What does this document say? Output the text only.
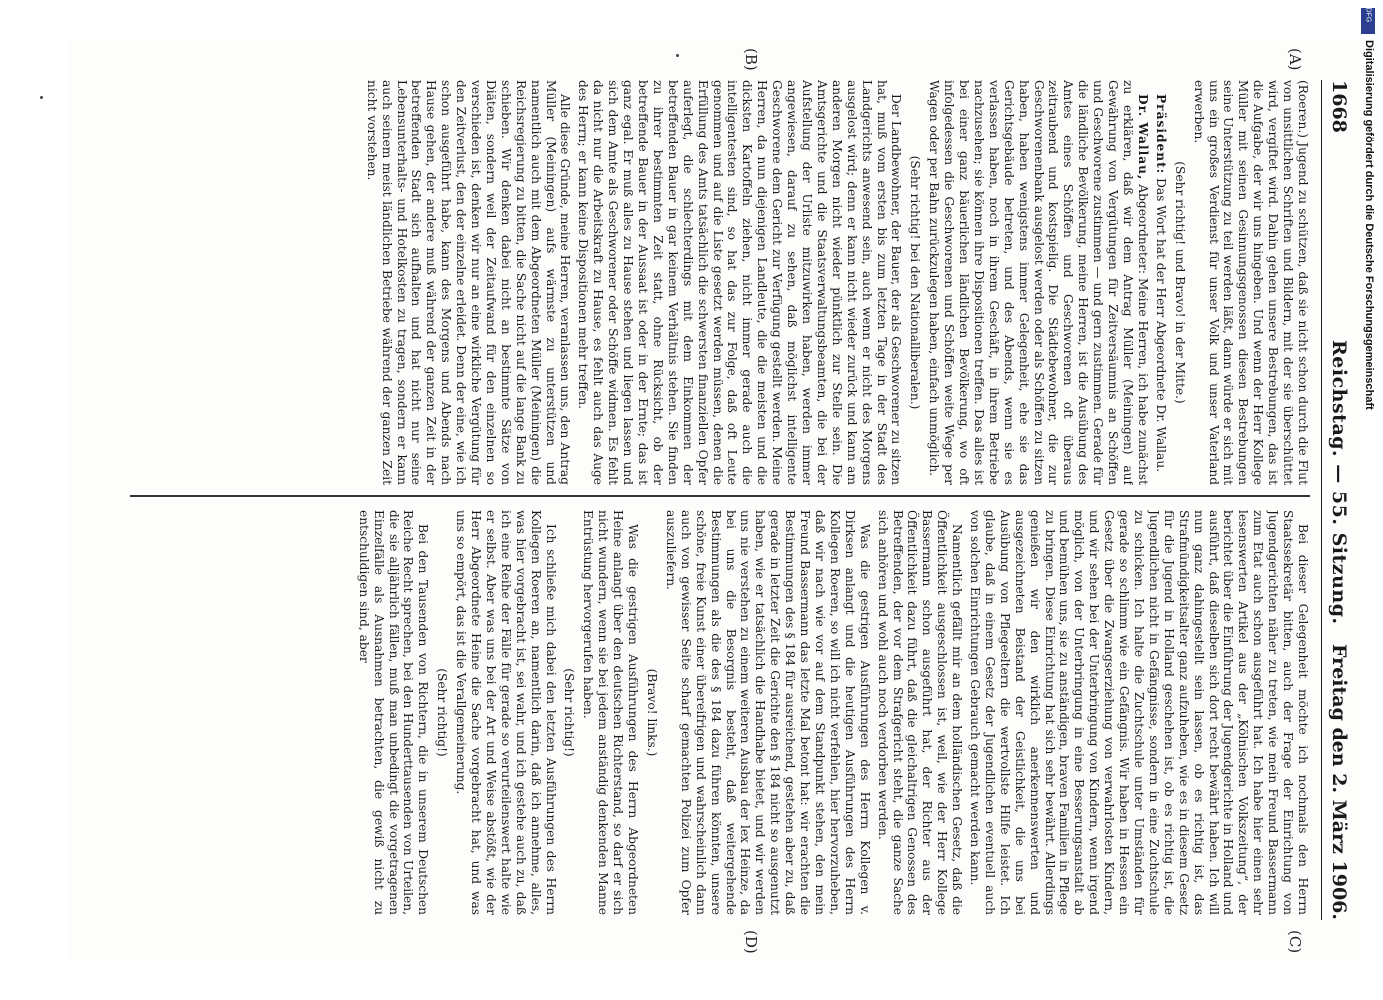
1668
Reichstag. — 55. Sitzung.
Freitag den 2. März 1906.
(A)
(B)
(C)
(D)

(Roeren.) Jugend zu schützen, daß sie nicht schon durch die Flut von unsittlichen Schriften und Bildern, mit der sie überschüttet wird, vergiftet wird. Dahin gehen unsere Bestrebungen, das ist die Aufgabe, der wir uns hingeben. Und wenn der Herr Kollege Müller mit seinen Gesinnungsgenossen diesen Bestrebungen seine Unterstützung zu teil werden läßt, dann würde er sich mit uns ein großes Verdienst für unser Volk und unser Vaterland erwerben.

(Sehr richtig! und Bravo! in der Mitte.)

Präsident: Das Wort hat der Herr Abgeordnete Dr. Wallau.

Dr. Wallau, Abgeordneter: Meine Herren, ich habe zunächst zu erklären, daß wir dem Antrag Müller (Meiningen) auf Gewährung von Vergütungen für Zeitversäumnis an Schöffen und Geschworene zustimmen — und gern zustimmen. Gerade für die ländliche Bevölkerung, meine Herren, ist die Ausübung des Amtes eines Schöffen und Geschworenen oft überaus zeitraubend und kostspielig. Die Städtebewohner, die zur Geschworenenbank ausgelost werden oder als Schöffen zu sitzen haben, haben wenigstens immer Gelegenheit, ehe sie das Gerichtsgebäude betreten, und des Abends, wenn sie es verlassen haben, noch in ihrem Geschäft, in ihrem Betriebe nachzusehen; sie können ihre Dispositionen treffen. Das alles ist bei einer ganz bäuerlichen ländlichen Bevölkerung, wo oft infolgedessen die Geschworenen und Schöffen weite Wege per Wagen oder per Bahn zurückzulegen haben, einfach unmöglich.

(Sehr richtig! bei den Nationalliberalen.)

Der Landbewohner, der Bauer, der als Geschworener zu sitzen hat, muß vom ersten bis zum letzten Tage in der Stadt des Landgerichts anwesend sein, auch wenn er nicht des Morgens ausgelost wird; denn er kann nicht wieder zurück und kann am anderen Morgen nicht wieder pünktlich zur Stelle sein. Die Amtsgerichte und die Staatsverwaltungsbeamten, die bei der Aufstellung der Urliste mitzuwirken haben, werden immer angewiesen, darauf zu sehen, daß möglichst intelligente Geschworene dem Gericht zur Verfügung gestellt werden. Meine Herren, da nun diejenigen Landleute, die die meisten und die dicksten Kartoffeln ziehen, nicht immer gerade auch die intelligentesten sind, so hat das zur Folge, daß oft Leute genommen und auf die Liste gesetzt werden müssen, denen die Erfüllung des Amts tatsächlich die schwersten finanziellen Opfer auferlegt, die schlechterdings mit dem Einkommen der betreffenden Bauer in gar keinem Verhältnis stehen. Sie finden zu ihrer bestimmten Zeit statt, ohne Rücksicht, ob der betreffende Bauer in der Aussaat ist oder in der Ernte; das ist ganz egal. Er muß alles zu Hause stehen und liegen lassen und sich dem Amte als Geschworener oder Schöffe widmen. Es fehlt da nicht nur die Arbeitskraft zu Hause, es fehlt auch das Auge des Herrn; er kann keine Dispositionen mehr treffen.

Alle diese Gründe, meine Herren, veranlassen uns, den Antrag Müller (Meiningen) aufs wärmste zu unterstützen und namentlich auch mit dem Abgeordneten Müller (Meiningen) die Reichsregierung zu bitten, die Sache nicht auf die lange Bank zu schieben. Wir denken dabei nicht an bestimmte Sätze von Diäten, sondern weil der Zeitaufwand für den einzelnen so verschieden ist, denken wir nur an eine wirkliche Vergütung für den Zeitverlust, den der einzelne erleidet. Denn der eine, wie ich schon ausgeführt habe, kann des Morgens und Abends nach Hause gehen, der andere muß während der ganzen Zeit in der betreffenden Stadt sich aufhalten und hat nicht nur seine Lebensunterhalts- und Hotelkosten zu tragen, sondern er kann auch seinem meist ländlichen Betriebe während der ganzen Zeit nicht vorstehen.

Bei dieser Gelegenheit möchte ich nochmals den Herrn Staatssekretär bitten, auch der Frage der Einrichtung von Jugendgerichten näher zu treten, wie mein Freund Bassermann zum Etat auch schon ausgeführt hat. Ich habe hier einen sehr lesenswerten Artikel aus der „Kölnischen Volkszeitung“, der berichtet über die Einführung der Jugendgerichte in Holland und ausführt, daß dieselben sich dort recht bewährt haben. Ich will nun ganz dahingestellt sein lassen, ob es richtig ist, das Strafmündigkeitsalter ganz aufzuheben, wie es in diesem Gesetz für die Jugend in Holland geschehen ist, ob es richtig ist, die Jugendlichen nicht in Gefängnisse, sondern in eine Zuchtschule zu schicken. Ich halte die Zuchtschule unter Umständen für gerade so schlimm wie ein Gefängnis. Wir haben in Hessen ein Gesetz über die Zwangserziehung von verwahrlosten Kindern, und wir sehen bei der Unterbringung von Kindern, wenn irgend möglich, von der Unterbringung in eine Besserungsanstalt ab und bemühen uns, sie zu anständigen, braven Familien in Pflege zu bringen. Diese Einrichtung hat sich sehr bewährt. Allerdings genießen wir den wirklich anerkennenswerten und ausgezeichneten Beistand der Geistlichkeit, die uns bei Ausübung von Pflegeeltern die wertvollste Hilfe leistet. Ich glaube, daß in einem Gesetz der Jugendlichen eventuell auch von solchen Einrichtungen Gebrauch gemacht werden kann.

Namentlich gefällt mir an dem holländischen Gesetz, daß die Öffentlichkeit ausgeschlossen ist, weil, wie der Herr Kollege Bassermann schon ausgeführt hat, der Richter aus der Öffentlichkeit dazu führt, daß die gleichaltrigen Genossen des Betreffenden, der vor dem Strafgericht steht, die ganze Sache sich anhören und wohl auch noch verdorben werden.

Was die gestrigen Ausführungen des Herrn Kollegen v. Dirksen anlangt und die heutigen Ausführungen des Herrn Kollegen Roeren, so will ich nicht verfehlen, hier hervorzuheben, daß wir nach wie vor auf dem Standpunkt stehen, den mein Freund Bassermann das letzte Mal betont hat: wir erachten die Bestimmungen des § 184 für ausreichend, gestehen aber zu, daß gerade in letzter Zeit die Gerichte den § 184 nicht so ausgenutzt haben, wie er tatsächlich die Handhabe bietet, und wir werden uns nie verstehen zu einem weiteren Ausbau der lex Heinze, da bei uns die Besorgnis besteht, daß weitergehende Bestimmungen als die des § 184 dazu führen könnten, unsere schöne, freie Kunst einer übereifrigen und wahrscheinlich dann auch von gewisser Seite scharf gemachten Polizei zum Opfer auszuliefern.

(Bravo! links.)

Was die gestrigen Ausführungen des Herrn Abgeordneten Heine anlangt über den deutschen Richterstand, so darf er sich nicht wundern, wenn sie bei jedem anständig denkenden Manne Entrüstung hervorgerufen haben.

(Sehr richtig!)

Ich schließe mich dabei den letzten Ausführungen des Herrn Kollegen Roeren an, namentlich darin, daß ich annehme, alles, was hier vorgebracht ist, sei wahr, und ich gestehe auch zu, daß ich eine Reihe der Fälle für gerade so verurteilenswert halte wie er selbst. Aber was uns bei der Art und Weise abstößt, wie der Herr Abgeordnete Heine die Sache vorgebracht hat, und was uns so empört, das ist die Verallgemeinerung.

(Sehr richtig!)

Bei den Tausenden von Richtern, die in unserem Deutschen Reiche Recht sprechen, bei den Hunderttausenden von Urteilen, die sie alljährlich fällen, muß man unbedingt die vorgetragenen Einzelfälle als Ausnahmen betrachten, die gewiß nicht zu entschuldigen sind, aber

DFG
Digitalisierung gefördert durch die Deutsche Forschungsgemeinschaft
